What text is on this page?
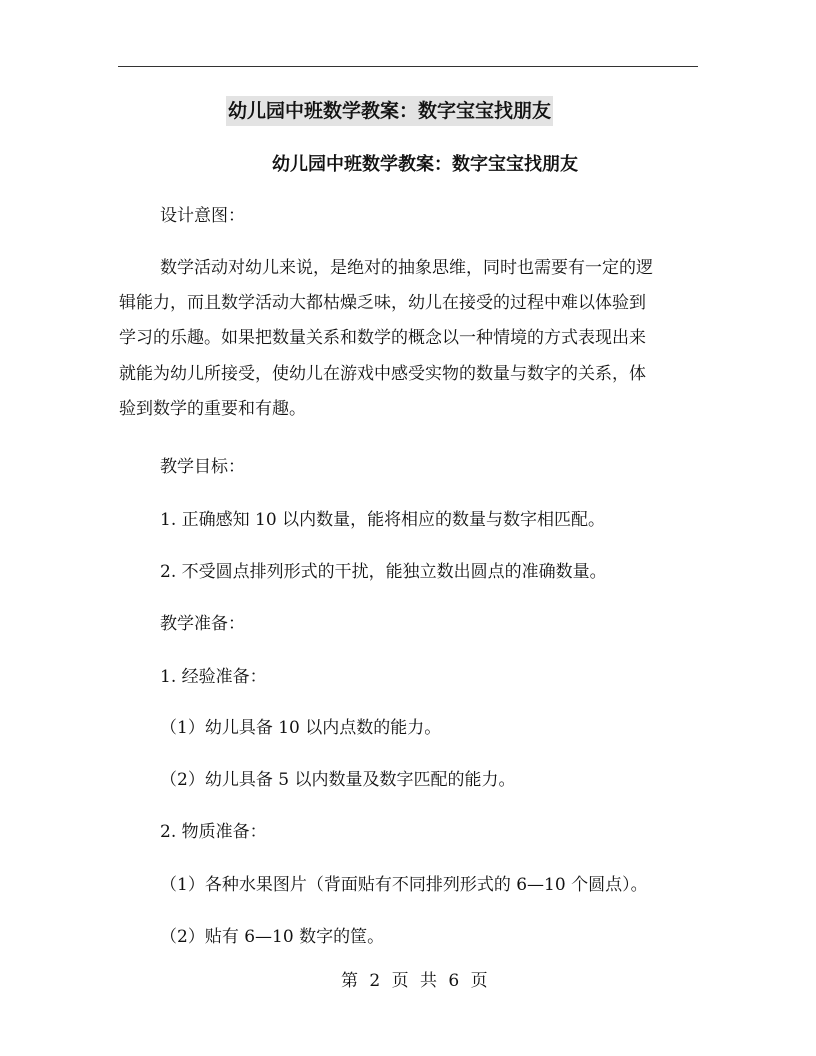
幼儿园中班数学教案：数字宝宝找朋友
幼儿园中班数学教案：数字宝宝找朋友
设计意图：
数学活动对幼儿来说，是绝对的抽象思维，同时也需要有一定的逻
辑能力，而且数学活动大都枯燥乏味，幼儿在接受的过程中难以体验到
学习的乐趣。如果把数量关系和数学的概念以一种情境的方式表现出来
就能为幼儿所接受，使幼儿在游戏中感受实物的数量与数字的关系，体
验到数学的重要和有趣。
教学目标：
1. 正确感知 10 以内数量，能将相应的数量与数字相匹配。
2. 不受圆点排列形式的干扰，能独立数出圆点的准确数量。
教学准备：
1. 经验准备：
（1）幼儿具备 10 以内点数的能力。
（2）幼儿具备 5 以内数量及数字匹配的能力。
2. 物质准备：
（1）各种水果图片（背面贴有不同排列形式的 6—10 个圆点）。
（2）贴有 6—10 数字的筐。
第 2 页 共 6 页
